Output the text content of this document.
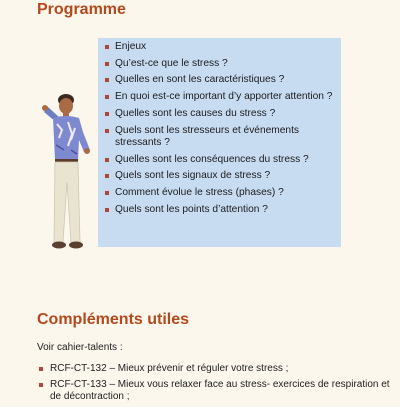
Programme
Enjeux
Qu’est-ce que le stress ?
Quelles en sont les caractéristiques ?
En quoi est-ce important d’y apporter attention ?
Quelles sont les causes du stress ?
Quels sont les stresseurs et événements stressants ?
Quelles sont les conséquences du stress ?
Quels sont les signaux de stress ?
Comment évolue le stress (phases) ?
Quels sont les points d’attention ?
Compléments utiles

Voir cahier-talents :

RCF-CT-132 – Mieux prévenir et réguler votre stress ;
RCF-CT-133 – Mieux vous relaxer face au stress- exercices de respiration et de décontraction ;
